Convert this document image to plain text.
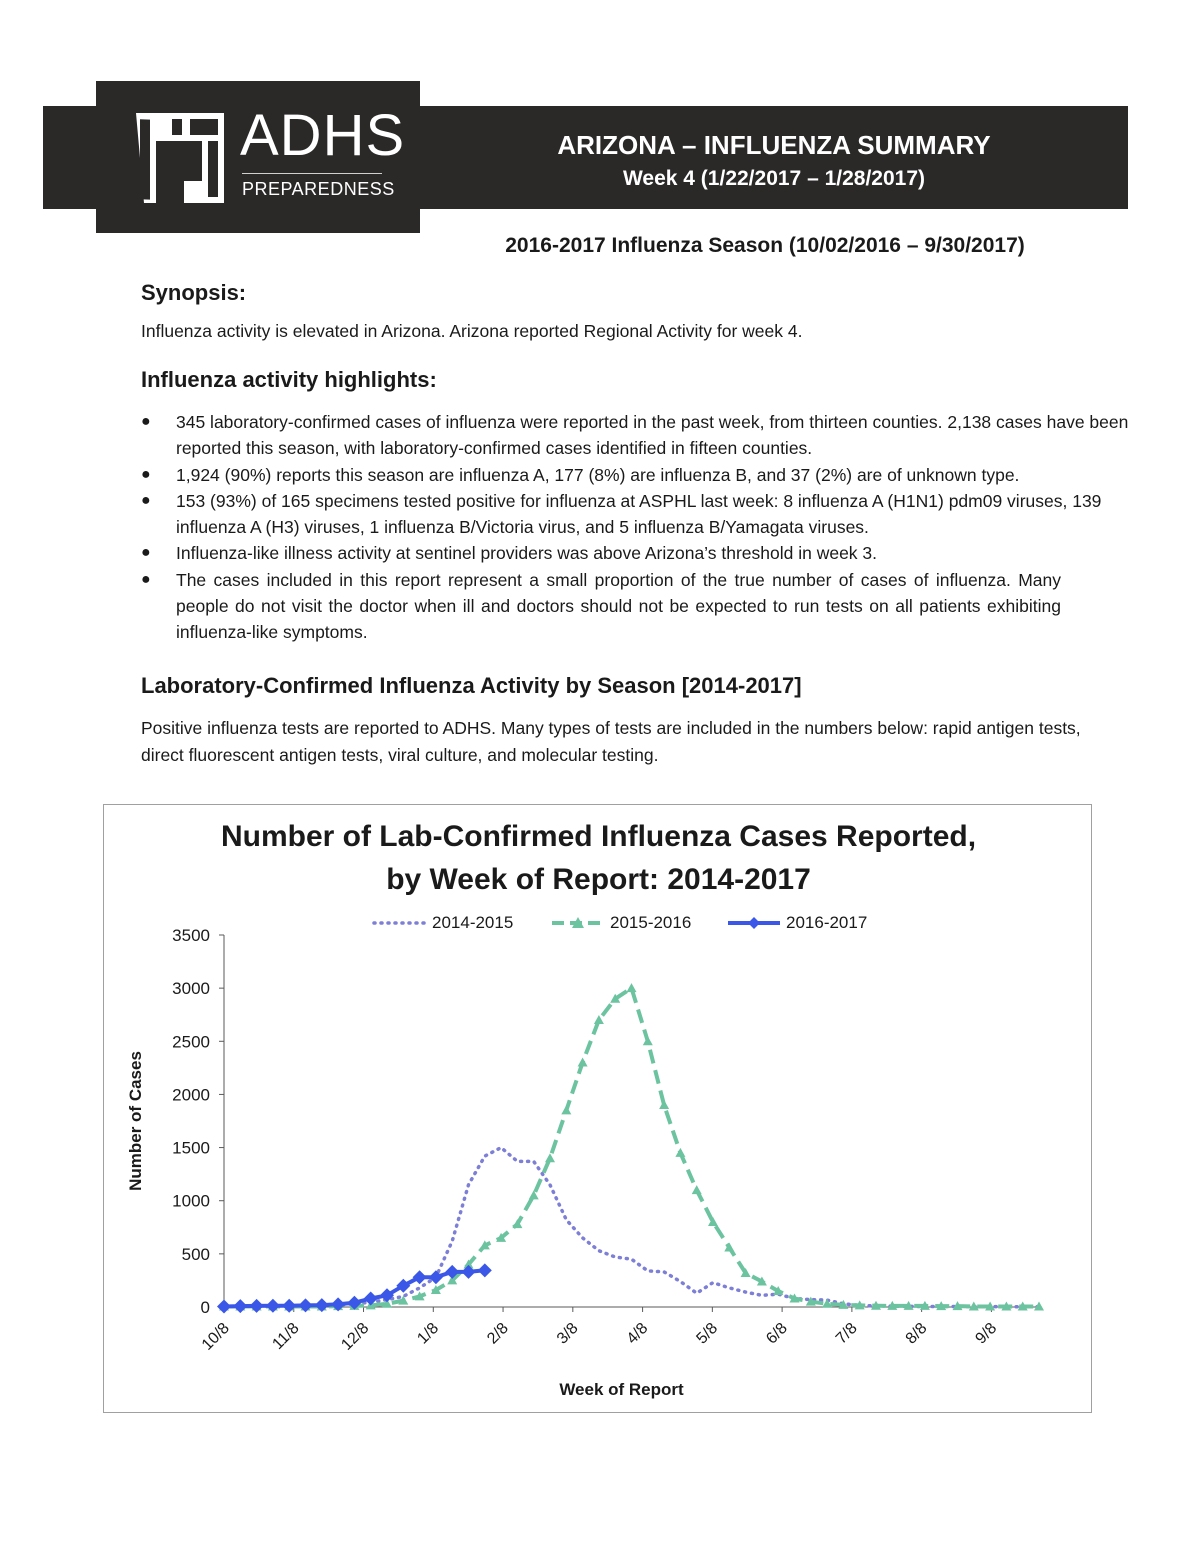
ADHS
PREPAREDNESS
ARIZONA – INFLUENZA SUMMARY
Week 4 (1/22/2017 – 1/28/2017)
2016-2017 Influenza Season (10/02/2016 – 9/30/2017)
Synopsis:
Influenza activity is elevated in Arizona. Arizona reported Regional Activity for week 4.
Influenza activity highlights:
●	345 laboratory-confirmed cases of influenza were reported in the past week, from thirteen counties. 2,138 cases have been reported this season, with laboratory-confirmed cases identified in fifteen counties.
●	1,924 (90%) reports this season are influenza A, 177 (8%) are influenza B, and 37 (2%) are of unknown type.
●	153 (93%) of 165 specimens tested positive for influenza at ASPHL last week: 8 influenza A (H1N1) pdm09 viruses, 139 influenza A (H3) viruses, 1 influenza B/Victoria virus, and 5 influenza B/Yamagata viruses.
●	Influenza-like illness activity at sentinel providers was above Arizona’s threshold in week 3.
●	The cases included in this report represent a small proportion of the true number of cases of influenza. Many people do not visit the doctor when ill and doctors should not be expected to run tests on all patients exhibiting influenza-like symptoms.
Laboratory-Confirmed Influenza Activity by Season [2014-2017]
Positive influenza tests are reported to ADHS. Many types of tests are included in the numbers below: rapid antigen tests, direct fluorescent antigen tests, viral culture, and molecular testing.
Number of Lab-Confirmed Influenza Cases Reported,
by Week of Report: 2014-2017
2014-2015	2015-2016	2016-2017
0
500
1000
1500
2000
2500
3000
3500
10/8 11/8 12/8	1/8	2/8	3/8	4/8	5/8	6/8	7/8	8/8	9/8
Week of Report
Number of Cases
